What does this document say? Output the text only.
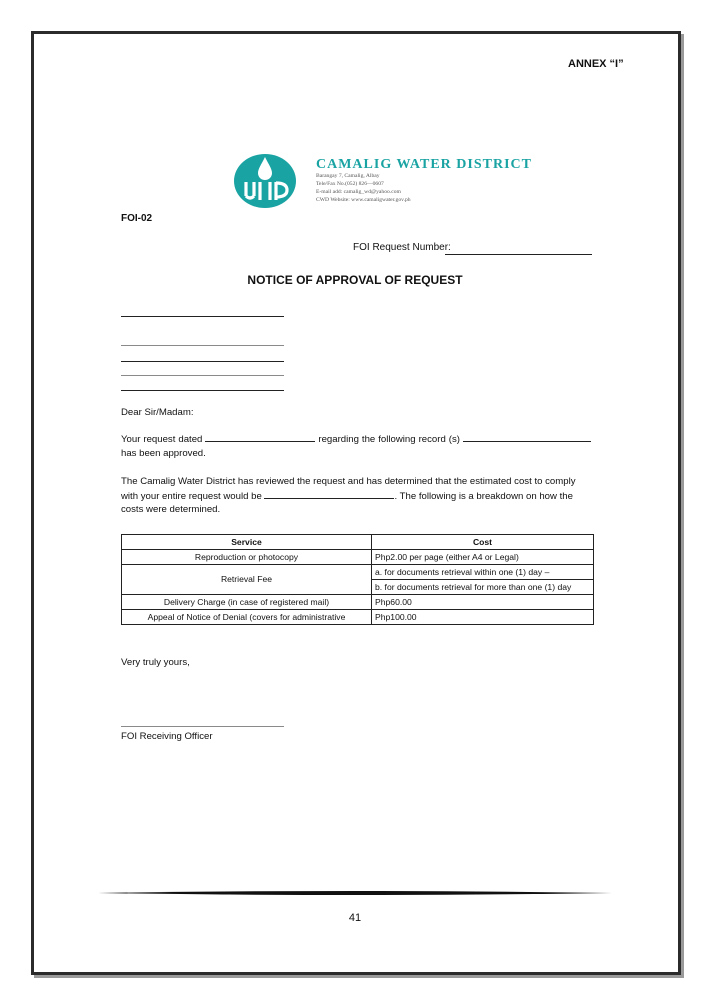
ANNEX “I”
CAMALIG WATER DISTRICT
Barangay 7, Camalig, Albay
Tele/Fax No.(052) 826—0607
E-mail add: camalig_wd@yahoo.com
CWD Website: www.camaligwater.gov.ph
FOI-02
FOI Request Number:
NOTICE OF APPROVAL OF REQUEST
Dear Sir/Madam:
Your request dated	regarding the following record (s)  has been approved.
The Camalig Water District has reviewed the request and has determined that the estimated cost to comply with your entire request would be	. The following is a breakdown on how the costs were determined.
Service	Cost
Reproduction or photocopy	Php2.00 per page (either A4 or Legal)
Retrieval Fee	a. for documents retrieval within one (1) day –
	b. for documents retrieval for more than one (1) day
Delivery Charge (in case of registered mail)	Php60.00
Appeal of Notice of Denial (covers for administrative	Php100.00
Very truly yours,
FOI Receiving Officer
41
